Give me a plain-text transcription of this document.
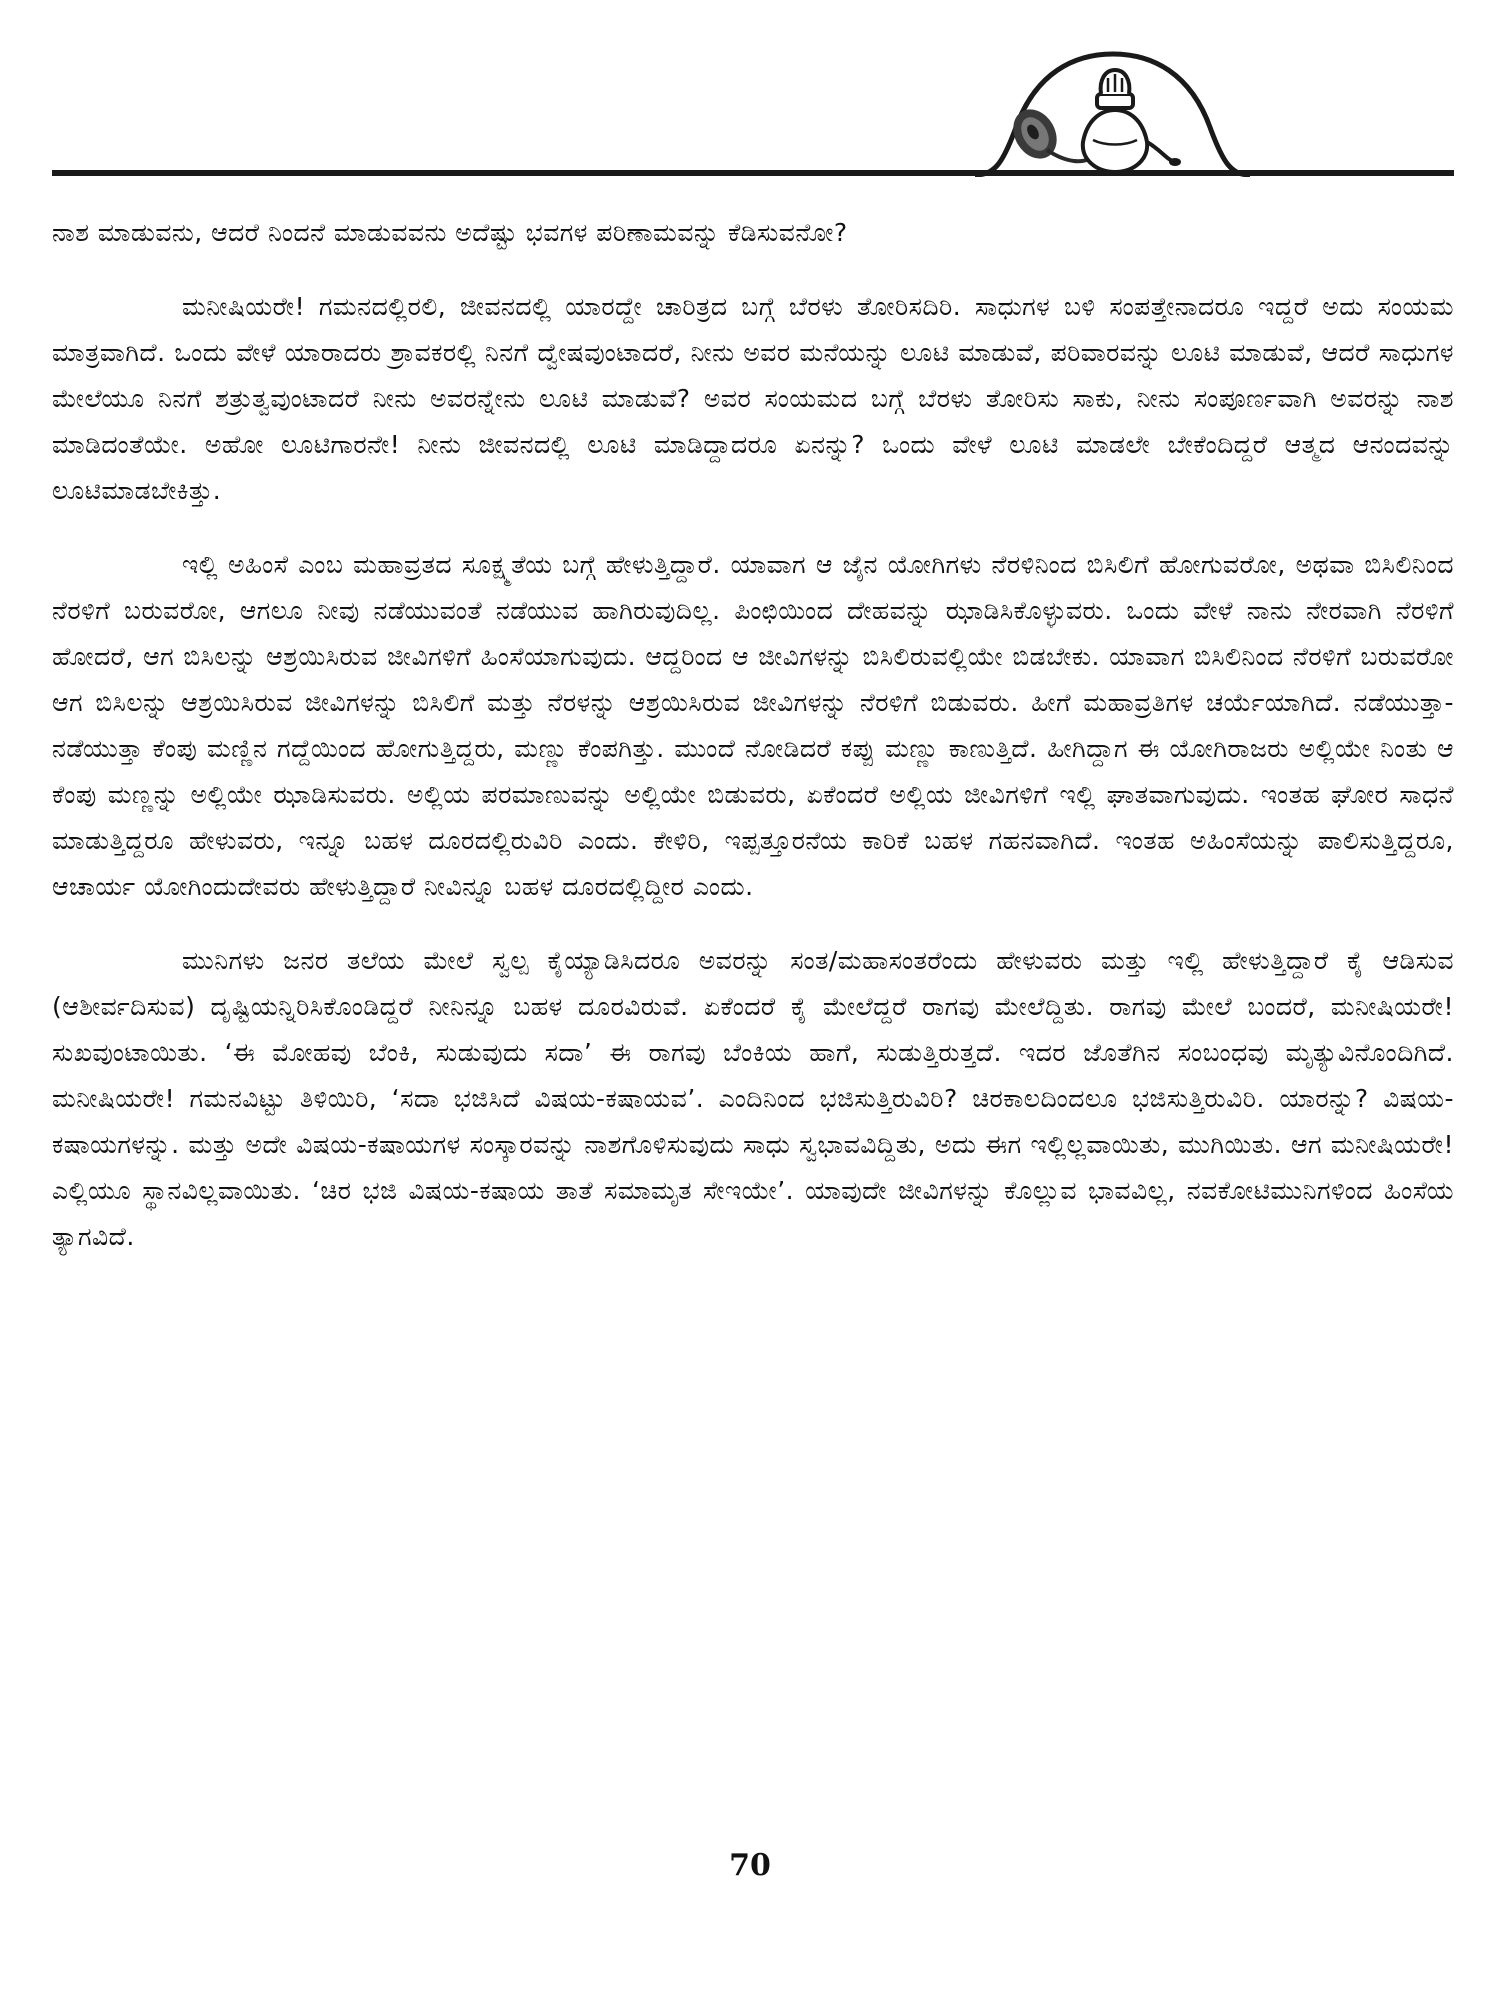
ನಾಶ ಮಾಡುವನು, ಆದರೆ ನಿಂದನೆ ಮಾಡುವವನು ಅದೆಷ್ಟು ಭವಗಳ ಪರಿಣಾಮವನ್ನು ಕೆಡಿಸುವನೋ?

ಮನೀಷಿಯರೇ! ಗಮನದಲ್ಲಿರಲಿ, ಜೀವನದಲ್ಲಿ ಯಾರದ್ದೇ ಚಾರಿತ್ರದ ಬಗ್ಗೆ ಬೆರಳು ತೋರಿಸದಿರಿ. ಸಾಧುಗಳ ಬಳಿ ಸಂಪತ್ತೇನಾದರೂ ಇದ್ದರೆ ಅದು ಸಂಯಮ ಮಾತ್ರವಾಗಿದೆ. ಒಂದು ವೇಳೆ ಯಾರಾದರು ಶ್ರಾವಕರಲ್ಲಿ ನಿನಗೆ ದ್ವೇಷವುಂಟಾದರೆ, ನೀನು ಅವರ ಮನೆಯನ್ನು ಲೂಟಿ ಮಾಡುವೆ, ಪರಿವಾರವನ್ನು ಲೂಟಿ ಮಾಡುವೆ, ಆದರೆ ಸಾಧುಗಳ ಮೇಲೆಯೂ ನಿನಗೆ ಶತ್ರುತ್ವವುಂಟಾದರೆ ನೀನು ಅವರನ್ನೇನು ಲೂಟಿ ಮಾಡುವೆ? ಅವರ ಸಂಯಮದ ಬಗ್ಗೆ ಬೆರಳು ತೋರಿಸು ಸಾಕು, ನೀನು ಸಂಪೂರ್ಣವಾಗಿ ಅವರನ್ನು ನಾಶ ಮಾಡಿದಂತೆಯೇ. ಅಹೋ ಲೂಟಿಗಾರನೇ! ನೀನು ಜೀವನದಲ್ಲಿ ಲೂಟಿ ಮಾಡಿದ್ದಾದರೂ ಏನನ್ನು? ಒಂದು ವೇಳೆ ಲೂಟಿ ಮಾಡಲೇ ಬೇಕೆಂದಿದ್ದರೆ ಆತ್ಮದ ಆನಂದವನ್ನು ಲೂಟಿಮಾಡಬೇಕಿತ್ತು.

ಇಲ್ಲಿ ಅಹಿಂಸೆ ಎಂಬ ಮಹಾವ್ರತದ ಸೂಕ್ಷ್ಮತೆಯ ಬಗ್ಗೆ ಹೇಳುತ್ತಿದ್ದಾರೆ. ಯಾವಾಗ ಆ ಜೈನ ಯೋಗಿಗಳು ನೆರಳಿನಿಂದ ಬಿಸಿಲಿಗೆ ಹೋಗುವರೋ, ಅಥವಾ ಬಿಸಿಲಿನಿಂದ ನೆರಳಿಗೆ ಬರುವರೋ, ಆಗಲೂ ನೀವು ನಡೆಯುವಂತೆ ನಡೆಯುವ ಹಾಗಿರುವುದಿಲ್ಲ. ಪಿಂಛಿಯಿಂದ ದೇಹವನ್ನು ಝಾಡಿಸಿಕೊಳ್ಳುವರು. ಒಂದು ವೇಳೆ ನಾನು ನೇರವಾಗಿ ನೆರಳಿಗೆ ಹೋದರೆ, ಆಗ ಬಿಸಿಲನ್ನು ಆಶ್ರಯಿಸಿರುವ ಜೀವಿಗಳಿಗೆ ಹಿಂಸೆಯಾಗುವುದು. ಆದ್ದರಿಂದ ಆ ಜೀವಿಗಳನ್ನು ಬಿಸಿಲಿರುವಲ್ಲಿಯೇ ಬಿಡಬೇಕು. ಯಾವಾಗ ಬಿಸಿಲಿನಿಂದ ನೆರಳಿಗೆ ಬರುವರೋ ಆಗ ಬಿಸಿಲನ್ನು ಆಶ್ರಯಿಸಿರುವ ಜೀವಿಗಳನ್ನು ಬಿಸಿಲಿಗೆ ಮತ್ತು ನೆರಳನ್ನು ಆಶ್ರಯಿಸಿರುವ ಜೀವಿಗಳನ್ನು ನೆರಳಿಗೆ ಬಿಡುವರು. ಹೀಗೆ ಮಹಾವ್ರತಿಗಳ ಚರ್ಯೆಯಾಗಿದೆ. ನಡೆಯುತ್ತಾ-ನಡೆಯುತ್ತಾ ಕೆಂಪು ಮಣ್ಣಿನ ಗದ್ದೆಯಿಂದ ಹೋಗುತ್ತಿದ್ದರು, ಮಣ್ಣು ಕೆಂಪಗಿತ್ತು. ಮುಂದೆ ನೋಡಿದರೆ ಕಪ್ಪು ಮಣ್ಣು ಕಾಣುತ್ತಿದೆ. ಹೀಗಿದ್ದಾಗ ಈ ಯೋಗಿರಾಜರು ಅಲ್ಲಿಯೇ ನಿಂತು ಆ ಕೆಂಪು ಮಣ್ಣನ್ನು ಅಲ್ಲಿಯೇ ಝಾಡಿಸುವರು. ಅಲ್ಲಿಯ ಪರಮಾಣುವನ್ನು ಅಲ್ಲಿಯೇ ಬಿಡುವರು, ಏಕೆಂದರೆ ಅಲ್ಲಿಯ ಜೀವಿಗಳಿಗೆ ಇಲ್ಲಿ ಘಾತವಾಗುವುದು. ಇಂತಹ ಘೋರ ಸಾಧನೆ ಮಾಡುತ್ತಿದ್ದರೂ ಹೇಳುವರು, ಇನ್ನೂ ಬಹಳ ದೂರದಲ್ಲಿರುವಿರಿ ಎಂದು. ಕೇಳಿರಿ, ಇಪ್ಪತ್ತೂರನೆಯ ಕಾರಿಕೆ ಬಹಳ ಗಹನವಾಗಿದೆ. ಇಂತಹ ಅಹಿಂಸೆಯನ್ನು ಪಾಲಿಸುತ್ತಿದ್ದರೂ, ಆಚಾರ್ಯ ಯೋಗಿಂದುದೇವರು ಹೇಳುತ್ತಿದ್ದಾರೆ ನೀವಿನ್ನೂ ಬಹಳ ದೂರದಲ್ಲಿದ್ದೀರ ಎಂದು.

ಮುನಿಗಳು ಜನರ ತಲೆಯ ಮೇಲೆ ಸ್ವಲ್ಪ ಕೈಯ್ಯಾಡಿಸಿದರೂ ಅವರನ್ನು ಸಂತ/ಮಹಾಸಂತರೆಂದು ಹೇಳುವರು ಮತ್ತು ಇಲ್ಲಿ ಹೇಳುತ್ತಿದ್ದಾರೆ ಕೈ ಆಡಿಸುವ (ಆಶೀರ್ವದಿಸುವ) ದೃಷ್ಟಿಯನ್ನಿರಿಸಿಕೊಂಡಿದ್ದರೆ ನೀನಿನ್ನೂ ಬಹಳ ದೂರವಿರುವೆ. ಏಕೆಂದರೆ ಕೈ ಮೇಲೆದ್ದರೆ ರಾಗವು ಮೇಲೆದ್ದಿತು. ರಾಗವು ಮೇಲೆ ಬಂದರೆ, ಮನೀಷಿಯರೇ! ಸುಖವುಂಟಾಯಿತು. ‘ಈ ಮೋಹವು ಬೆಂಕಿ, ಸುಡುವುದು ಸದಾ’ ಈ ರಾಗವು ಬೆಂಕಿಯ ಹಾಗೆ, ಸುಡುತ್ತಿರುತ್ತದೆ. ಇದರ ಜೊತೆಗಿನ ಸಂಬಂಧವು ಮೃತ್ಯುವಿನೊಂದಿಗಿದೆ. ಮನೀಷಿಯರೇ! ಗಮನವಿಟ್ಟು ತಿಳಿಯಿರಿ, ‘ಸದಾ ಭಜಿಸಿದೆ ವಿಷಯ-ಕಷಾಯವ’. ಎಂದಿನಿಂದ ಭಜಿಸುತ್ತಿರುವಿರಿ? ಚಿರಕಾಲದಿಂದಲೂ ಭಜಿಸುತ್ತಿರುವಿರಿ. ಯಾರನ್ನು? ವಿಷಯ-ಕಷಾಯಗಳನ್ನು. ಮತ್ತು ಅದೇ ವಿಷಯ-ಕಷಾಯಗಳ ಸಂಸ್ಕಾರವನ್ನು ನಾಶಗೊಳಿಸುವುದು ಸಾಧು ಸ್ವಭಾವವಿದ್ದಿತು, ಅದು ಈಗ ಇಲ್ಲಿಲ್ಲವಾಯಿತು, ಮುಗಿಯಿತು. ಆಗ ಮನೀಷಿಯರೇ! ಎಲ್ಲಿಯೂ ಸ್ಥಾನವಿಲ್ಲವಾಯಿತು. ‘ಚಿರ ಭಜಿ ವಿಷಯ-ಕಷಾಯ ತಾತೆ ಸಮಾಮೃತ ಸೇಇಯೇ’. ಯಾವುದೇ ಜೀವಿಗಳನ್ನು ಕೊಲ್ಲುವ ಭಾವವಿಲ್ಲ, ನವಕೋಟಿಮುನಿಗಳಿಂದ ಹಿಂಸೆಯ ತ್ಯಾಗವಿದೆ.

70
